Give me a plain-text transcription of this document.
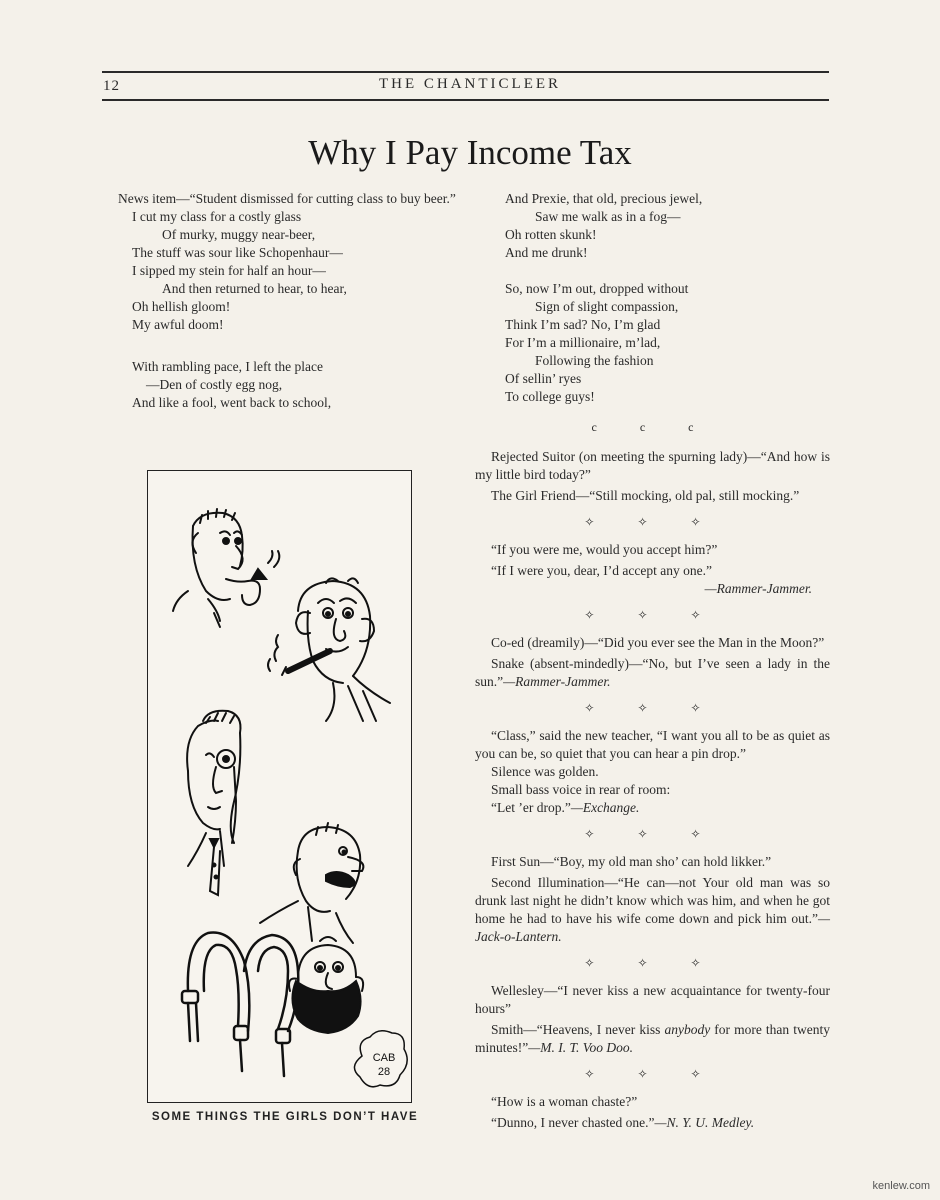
12	THE CHANTICLEER
Why I Pay Income Tax

News item—“Student dismissed for cutting class to buy beer.”

I cut my class for a costly glass

Of murky, muggy near-beer,

The stuff was sour like Schopenhaur—

I sipped my stein for half an hour—

And then returned to hear, to hear,

Oh hellish gloom!

My awful doom!

With rambling pace, I left the place

—Den of costly egg nog,

And like a fool, went back to school,

CAB
28
SOME THINGS THE GIRLS DON’T HAVE

And Prexie, that old, precious jewel,

Saw me walk as in a fog—

Oh rotten skunk!

And me drunk!

So, now I’m out, dropped without

Sign of slight compassion,

Think I’m sad? No, I’m glad

For I’m a millionaire, m’lad,

Following the fashion

Of sellin’ ryes

To college guys!

c c c

Rejected Suitor (on meeting the spurning lady)—“And how is my little bird today?”

The Girl Friend—“Still mocking, old pal, still mocking.”

✧ ✧ ✧

“If you were me, would you accept him?”

“If I were you, dear, I’d accept any one.”

—Rammer-Jammer.

✧ ✧ ✧

Co-ed (dreamily)—“Did you ever see the Man in the Moon?”

Snake (absent-mindedly)—“No, but I’ve seen a lady in the sun.”—Rammer-Jammer.

✧ ✧ ✧

“Class,” said the new teacher, “I want you all to be as quiet as you can be, so quiet that you can hear a pin drop.”

Silence was golden.

Small bass voice in rear of room:

“Let ’er drop.”—Exchange.

✧ ✧ ✧

First Sun—“Boy, my old man sho’ can hold likker.”

Second Illumination—“He can—not Your old man was so drunk last night he didn’t know which was him, and when he got home he had to have his wife come down and pick him out.”—Jack-o-Lantern.

✧ ✧ ✧

Wellesley—“I never kiss a new acquaintance for twenty-four hours”

Smith—“Heavens, I never kiss anybody for more than twenty minutes!”—M. I. T. Voo Doo.

✧ ✧ ✧

“How is a woman chaste?”

“Dunno, I never chasted one.”—N. Y. U. Medley.

kenlew.com
